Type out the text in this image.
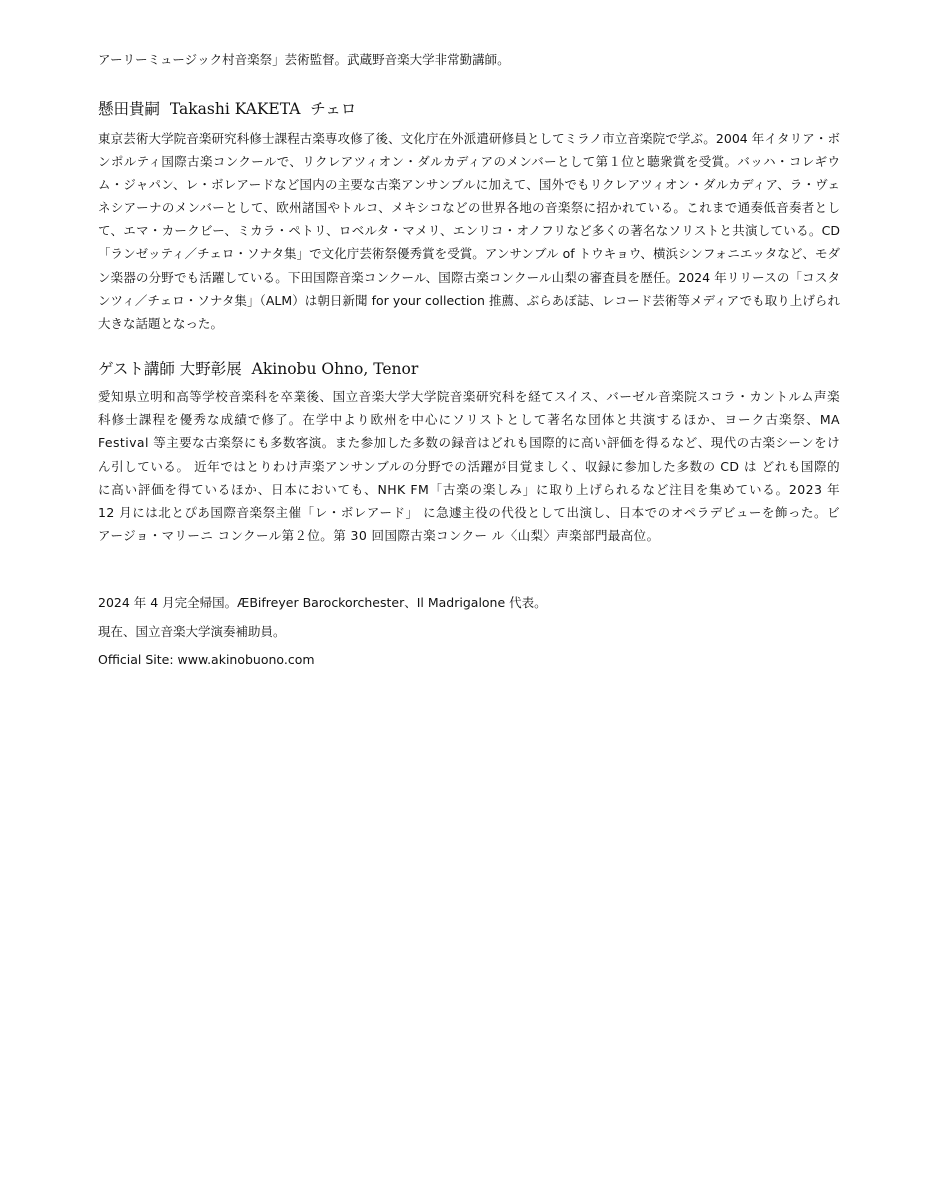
アーリーミュージック村音楽祭」芸術監督。武蔵野音楽大学非常勤講師。
懸田貴嗣 Takashi KAKETA チェロ

東京芸術大学院音楽研究科修士課程古楽専攻修了後、文化庁在外派遣研修員としてミラノ市立音楽院で学ぶ。2004 年イタリア・ボンポルティ国際古楽コンクールで、リクレアツィオン・ダルカディアのメンバーとして第１位と聴衆賞を受賞。バッハ・コレギウム・ジャパン、レ・ボレアードなど国内の主要な古楽アンサンブルに加えて、国外でもリクレアツィオン・ダルカディア、ラ・ヴェネシアーナのメンバーとして、欧州諸国やトルコ、メキシコなどの世界各地の音楽祭に招かれている。これまで通奏低音奏者として、エマ・カークビー、ミカラ・ペトリ、ロベルタ・マメリ、エンリコ・オノフリなど多くの著名なソリストと共演している。CD「ランゼッティ／チェロ・ソナタ集」で文化庁芸術祭優秀賞を受賞。アンサンブル of トウキョウ、横浜シンフォニエッタなど、モダン楽器の分野でも活躍している。下田国際音楽コンクール、国際古楽コンクール山梨の審査員を歴任。2024 年リリースの「コスタンツィ／チェロ・ソナタ集」（ALM）は朝日新聞 for your collection 推薦、ぶらあぼ誌、レコード芸術等メディアでも取り上げられ大きな話題となった。

ゲスト講師 大野彰展 Akinobu Ohno, Tenor

愛知県立明和高等学校音楽科を卒業後、国立音楽大学大学院音楽研究科を経てスイス、バーゼル音楽院スコラ・カントルム声楽科修士課程を優秀な成績で修了。在学中より欧州を中心にソリストとして著名な団体と共演するほか、ヨーク古楽祭、MA Festival 等主要な古楽祭にも多数客演。また参加した多数の録音はどれも国際的に高い評価を得るなど、現代の古楽シーンをけん引している。 近年ではとりわけ声楽アンサンブルの分野での活躍が目覚ましく、収録に参加した多数の CD は どれも国際的に高い評価を得ているほか、日本においても、NHK FM「古楽の楽しみ」に取り上げられるなど注目を集めている。2023 年 12 月には北とぴあ国際音楽祭主催「レ・ボレアード」 に急遽主役の代役として出演し、日本でのオペラデビューを飾った。ビアージョ・マリーニ コンクール第２位。第 30 回国際古楽コンクー ル〈山梨〉声楽部門最高位。

2024 年 4 月完全帰国。ÆBifreyer Barockorchester、Il Madrigalone 代表。
現在、国立音楽大学演奏補助員。
Official Site: www.akinobuono.com
